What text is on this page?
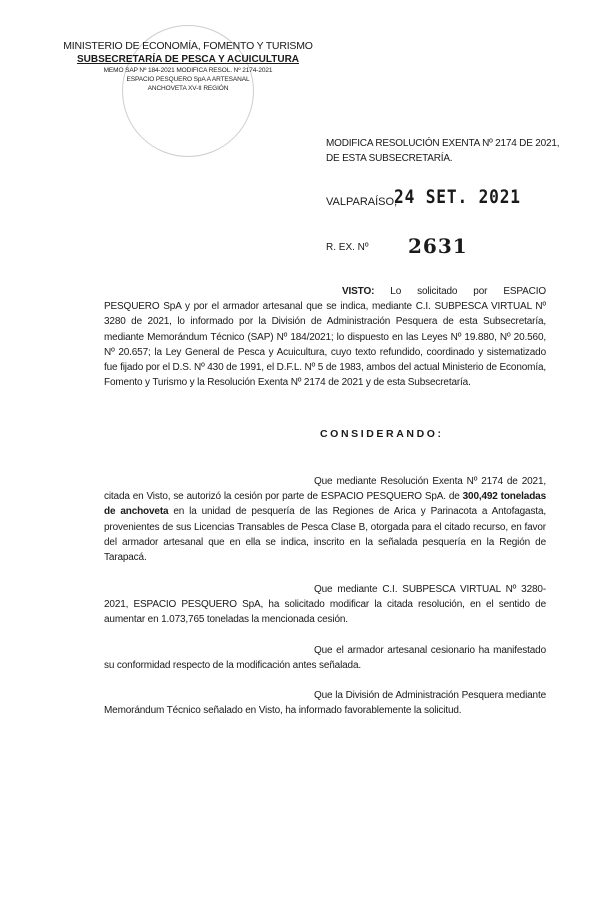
MINISTERIO DE ECONOMÍA, FOMENTO Y TURISMO
SUBSECRETARÍA DE PESCA Y ACUICULTURA
MEMO SAP Nº 184-2021 MODIFICA RESOL. Nº 2174-2021
ESPACIO PESQUERO SpA A ARTESANAL
ANCHOVETA XV-II REGIÓN
MODIFICA RESOLUCIÓN EXENTA Nº 2174 DE 2021, DE ESTA SUBSECRETARÍA.
VALPARAÍSO,
24 SET. 2021
R. EX. Nº 2631
VISTO: Lo solicitado por ESPACIO PESQUERO SpA y por el armador artesanal que se indica, mediante C.I. SUBPESCA VIRTUAL Nº 3280 de 2021, lo informado por la División de Administración Pesquera de esta Subsecretaría, mediante Memorándum Técnico (SAP) Nº 184/2021; lo dispuesto en las Leyes Nº 19.880, Nº 20.560, Nº 20.657; la Ley General de Pesca y Acuicultura, cuyo texto refundido, coordinado y sistematizado fue fijado por el D.S. Nº 430 de 1991, el D.F.L. Nº 5 de 1983, ambos del actual Ministerio de Economía, Fomento y Turismo y la Resolución Exenta Nº 2174 de 2021 y de esta Subsecretaría.
CONSIDERANDO:
Que mediante Resolución Exenta Nº 2174 de 2021, citada en Visto, se autorizó la cesión por parte de ESPACIO PESQUERO SpA. de 300,492 toneladas de anchoveta en la unidad de pesquería de las Regiones de Arica y Parinacota a Antofagasta, provenientes de sus Licencias Transables de Pesca Clase B, otorgada para el citado recurso, en favor del armador artesanal que en ella se indica, inscrito en la señalada pesquería en la Región de Tarapacá.
Que mediante C.I. SUBPESCA VIRTUAL Nº 3280-2021, ESPACIO PESQUERO SpA, ha solicitado modificar la citada resolución, en el sentido de aumentar en 1.073,765 toneladas la mencionada cesión.
Que el armador artesanal cesionario ha manifestado su conformidad respecto de la modificación antes señalada.
Que la División de Administración Pesquera mediante Memorándum Técnico señalado en Visto, ha informado favorablemente la solicitud.
